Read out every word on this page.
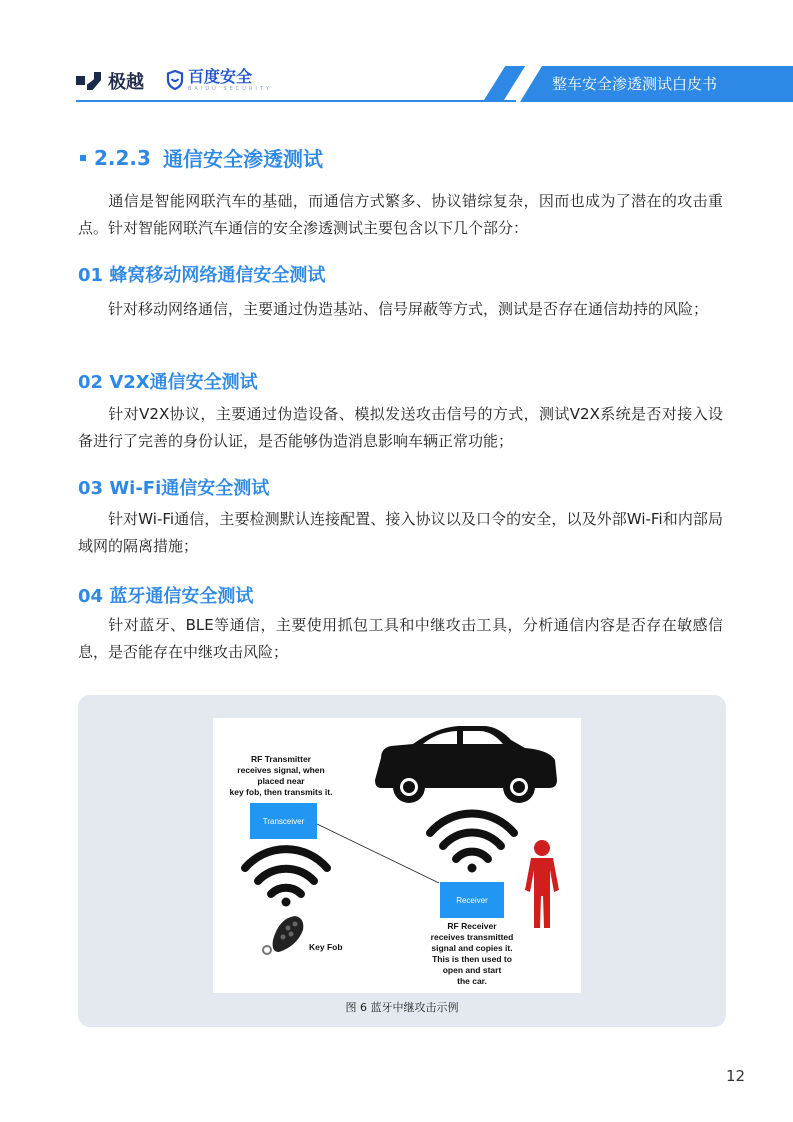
极越	百度安全
BAIDU SECURITY	整车安全渗透测试白皮书
2.2.3 通信安全渗透测试
通信是智能网联汽车的基础，而通信方式繁多、协议错综复杂，因而也成为了潜在的攻击重点。针对智能网联汽车通信的安全渗透测试主要包含以下几个部分：
01 蜂窝移动网络通信安全测试
针对移动网络通信，主要通过伪造基站、信号屏蔽等方式，测试是否存在通信劫持的风险；
02 V2X通信安全测试
针对V2X协议，主要通过伪造设备、模拟发送攻击信号的方式，测试V2X系统是否对接入设备进行了完善的身份认证，是否能够伪造消息影响车辆正常功能；
03 Wi-Fi通信安全测试
针对Wi-Fi通信，主要检测默认连接配置、接入协议以及口令的安全，以及外部Wi-Fi和内部局域网的隔离措施；
04 蓝牙通信安全测试
针对蓝牙、BLE等通信，主要使用抓包工具和中继攻击工具，分析通信内容是否存在敏感信息，是否能存在中继攻击风险；
RF Transmitter
receives signal, when
placed near
key fob, then transmits it.
Transceiver
Receiver
RF Receiver
receives transmitted
signal and copies it.
This is then used to
open and start
the car.
Key Fob
图 6 蓝牙中继攻击示例
12
